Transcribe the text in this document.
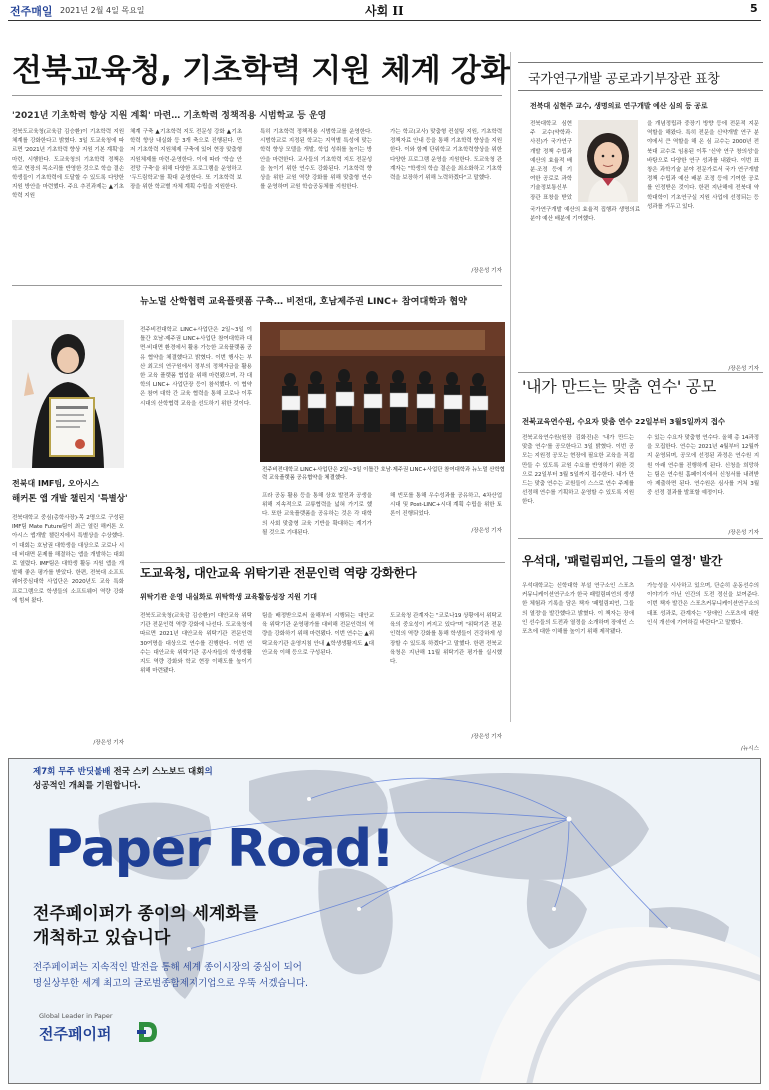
전주매일 2021년 2월 4일 목요일	사회 II	5
전북교육청, 기초학력 지원 체계 강화
'2021년 기초학력 향상 지원 계획' 마련… 기초학력 정책적용 시범학교 등 운영
전북도교육청(교육감 김승환)이 기초학력 지원 체계를 강화한다고 밝혔다. 3일 도교육청에 따르면 '2021년 기초학력 향상 지원 기본 계획'을 마련, 시행한다. 도교육청의 기초학력 정책은 학교 현장의 목소리를 반영한 것으로 학습 결손 학생들이 기초학력에 도달할 수 있도록 다양한 지원 방안을 마련했다. 주요 추진과제는 ▲기초학력 지원
체계 구축 ▲기초학력 지도 전문성 강화 ▲기초학력 향상 내실화 등 3개 축으로 진행된다. 먼저 기초학력 지원체제 구축에 있어 현장 맞춤형 지원체제를 마련·운영한다. 이에 따라 '학습 안전망 구축'을 위해 다양한 프로그램을 운영하고 '두드림학교'를 확대 운영한다. 또 기초학력 보장을 위한 학교별 자체 계획 수립을 지원한다.
특히 기초학력 정책적용 시범학교를 운영한다. 시범학교로 지정된 학교는 지역별 특성에 맞는 학력 향상 모델을 개발, 학업 성취를 높이는 방안을 마련한다. 교사들의 기초학력 지도 전문성을 높이기 위한 연수도 강화된다. 기초학력 향상을 위한 교원 역량 강화를 위해 맞춤형 연수를 운영하며 교원 학습공동체를 지원한다.
가는 학교(교사) 맞춤형 컨설팅 지원, 기초학력 정책자료 안내 등을 통해 기초학력 향상을 지원한다. 이와 함께 단위학교 기초학력향상을 위한 다양한 프로그램 운영을 지원한다. 도교육청 관계자는 "학생의 학습 결손을 최소화하고 기초학력을 보장하기 위해 노력하겠다"고 말했다.
/장은성 기자
국가연구개발 공로과기부장관 표창
전북대 심현주 교수, 생명의료 연구개발 예산 심의 등 공로
전북대학교 심현주 교수(약학과·사진)가 국가연구개발 정책 수립과 예산의 효율적 배분·조정 등에 기여한 공로로 과학기술정보통신부 장관 표창을 받았
을 개념정립과 중장기 방향 등에 전문적 지문 역할을 해왔다. 특히 전문을 신약개발 연구 분야에서 큰 역할을 해 온 심 교수는 2000년 전북대 교수로 임용된 이후 '신약 연구 창의성'을 바탕으로 다양한 연구 성과를 내왔다. 이번 표창은 과학기술 분야 전문가로서 국가 연구개발 정책 수립과 예산 배분 조정 등에 기여한 공로를 인정받은 것이다. 한편 지난해에 전북대 약학대학이 기초연구실 지원 사업에 선정되는 등 성과를 거두고 있다.
국가연구개발 예산의 효율적 집행과 생명의료 분야 예산 배분에 기여했다.
/장은성 기자
전북대 IMF팀, 오아시스
해커톤 앱 개발 챌린지 '특별상'
전북대학교 중심(총학사장)·목 2명으로 구성된 IMF팀 Mate Future팀이 최근 열린 해커톤 오아시스 앱개발 챌린지에서 특별상을 수상했다. 이 대회는 호남권 대학생을 대상으로 코로나 시대 비대면 문제를 해결하는 앱을 개발하는 대회로 열렸다. IMF팀은 대학생 활동 지원 앱을 개발해 좋은 평가를 받았다. 한편, 전북대 소프트웨어중심대학 사업단은 2020년도 교육 특화 프로그램으로 학생들의 소프트웨어 역량 강화에 힘써 왔다.
/장은성 기자
뉴노멀 산학협력 교육플랫폼 구축… 비전대, 호남제주권 LINC+ 참여대학과 협약
전주비전대학교 LINC+사업단은 2일~3일 이틀간 호남·제주권 LINC+사업단 참여대학과 대면·비대면 환경에서 활용 가능한 교육플랫폼 공유 협약을 체결했다고 밝혔다. 이번 행사는 부산 최고의 연구원에서 정부의 정책자금을 활용한 교육 플랫폼 협업을 위해 마련됐으며, 각 대학의 LINC+ 사업단장 등이 참석했다. 이 협약은 참여 대학 간 교육 협력을 통해 코로나 이후 시대의 산학협력 교육을 선도하기 위한 것이다.
전주비전대학교 LINC+사업단은 2일~3일 이틀간 호남·제주권 LINC+사업단 참여대학과 뉴노멀 산학협력 교육플랫폼 공유협약을 체결했다.
프라 공동 활용 등을 통해 상호 발전과 공생을 위해 지속적으로 교류협력을 넓혀 가기로 했다. 또한 교육플랫폼을 공유하는 것은 각 대학의 사회 맞춤형 교육 기반을 확대하는 계기가 될 것으로 기대된다.
해 빈포를 통해 우수성과를 공유하고, 4차산업 시대 및 Post-LINC+시대 계획 수립을 위한 토론이 진행되었다.
/장은성 기자
'내가 만드는 맞춤 연수' 공모
전북교육연수원, 수요자 맞춤 연수 22일부터 3월5일까지 접수
전북교육연수원(원장 김화진)은 '내가 만드는 맞춤 연수'를 공모한다고 3일 밝혔다. 이번 공모는 지원정 공모는 현장에 필요한 교육을 직접 만들 수 있도록 교원 수요를 반영하기 위한 것으로 22일부터 3월 5일까지 접수한다. 내가 만드는 맞춤 연수는 교원들이 스스로 연수 주제를 선정해 연수를 기획하고 운영할 수 있도록 지원한다.
수 있는 수요자 맞춤형 연수다. 올해 총 14과정을 모집한다. 연수는 2021년 4월부터 12월까지 운영되며, 공모에 선정된 과정은 연수원 지원 아래 연수를 진행하게 된다. 신청을 희망하는 팀은 연수원 홈페이지에서 신청서를 내려받아 제출하면 된다. 연수원은 심사를 거쳐 3월 중 선정 결과를 발표할 예정이다.
/장은성 기자
도교육청, 대안교육 위탁기관 전문인력 역량 강화한다
위탁기관 운영 내실화로 위탁학생 교육활동성장 지원 기대
전북도교육청(교육감 김승환)이 대안교육 위탁기관 전문인력 역량 강화에 나선다. 도교육청에 따르면 2021년 대안교육 위탁기관 전문인력 30여명을 대상으로 연수를 진행한다. 이번 연수는 대안교육 위탁기관 종사자들의 학생생활지도 역량 강화와 학교 현장 이해도를 높이기 위해 마련됐다.
팀을 배정받으로써 올해부터 시행되는 대안교육 위탁기관 운영평가를 대비해 전문인력의 역량을 강화하기 위해 마련됐다. 이번 연수는 ▲위탁교육기관 운영지침 안내 ▲학생생활지도 ▲대안교육 이해 등으로 구성된다.
도교육청 관계자는 "코로나19 상황에서 위탁교육의 중요성이 커지고 있다"며 "위탁기관 전문인력의 역량 강화를 통해 학생들이 건강하게 성장할 수 있도록 하겠다"고 말했다. 한편 전북교육청은 지난해 11월 위탁기관 평가를 실시했다.
/장은성 기자
우석대, '패럴림피언, 그들의 열정' 발간
우석대학교는 신학대학 부설 연구소인 스포츠커뮤니케이션연구소가 한국 패럴림피언의 생생한 체험과 기록을 담은 책자 '패럴림피언, 그들의 열정'을 발간했다고 밝혔다. 이 책자는 장애인 선수들의 도전과 열정을 소개하며 장애인 스포츠에 대한 이해를 높이기 위해 제작됐다.
가능성을 시사하고 있으며, 단순히 운동선수의 이야기가 아닌 인간의 도전 정신을 보여준다. 이번 책자 발간은 스포츠커뮤니케이션연구소의 대표 성과로, 관계자는 "장애인 스포츠에 대한 인식 개선에 기여하길 바란다"고 말했다.
/뉴시스
제7회 무주 반딧불배 전국 스키 스노보드 대회의
성공적인 개최를 기원합니다.
Paper Road!
전주페이퍼가 종이의 세계화를
개척하고 있습니다
전주페이퍼는 지속적인 발전을 통해 세계 종이시장의 중심이 되어
명실상부한 세계 최고의 글로벌종합제지기업으로 우뚝 서겠습니다.
Global Leader in Paper
전주페이퍼
